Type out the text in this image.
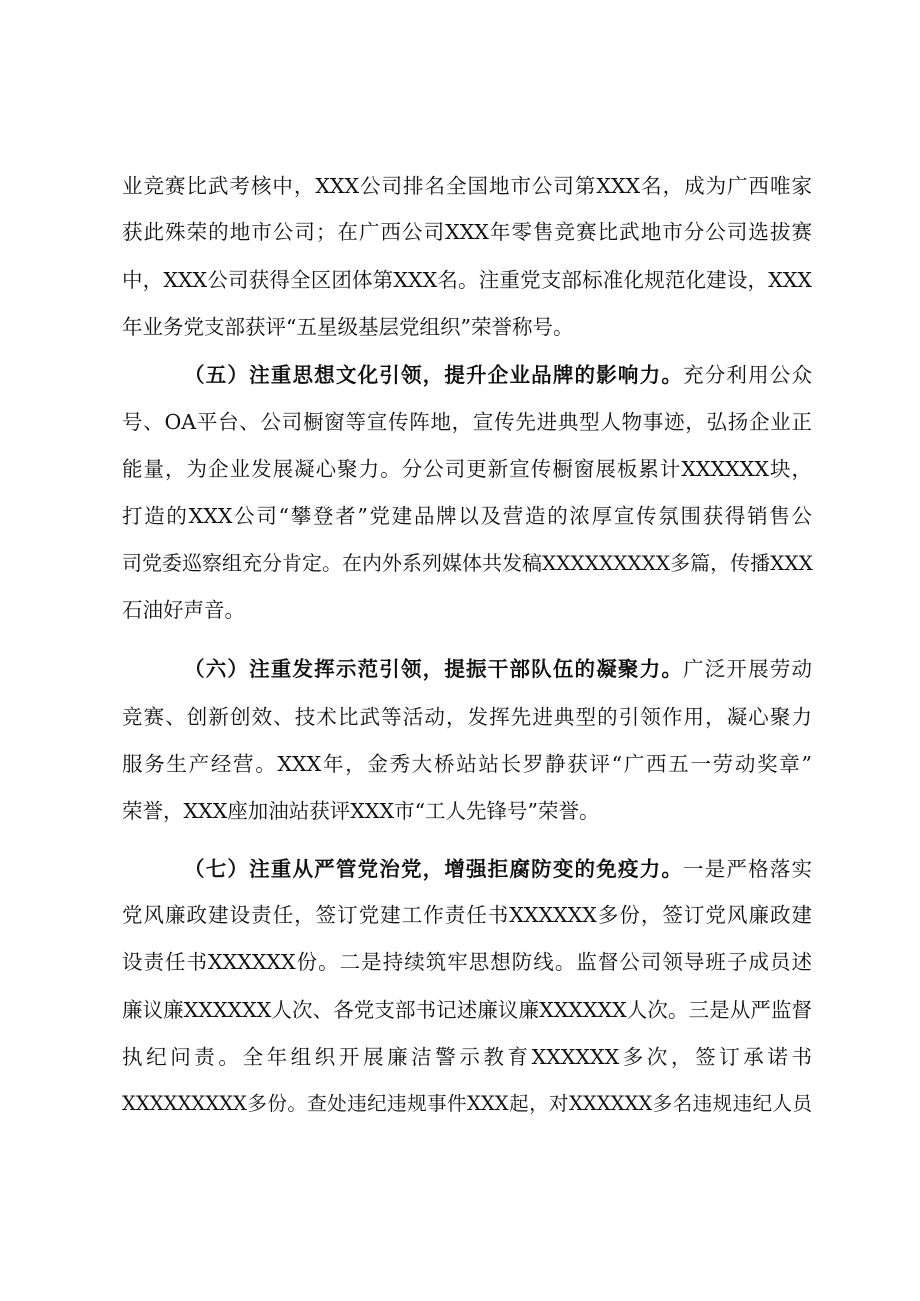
业竞赛比武考核中，XXX公司排名全国地市公司第XXX名，成为广西唯家
获此殊荣的地市公司；在广西公司XXX年零售竞赛比武地市分公司选拔赛
中，XXX公司获得全区团体第XXX名。注重党支部标准化规范化建设，XXX
年业务党支部获评“五星级基层党组织”荣誉称号。
（五）注重思想文化引领，提升企业品牌的影响力。充分利用公众
号、OA平台、公司橱窗等宣传阵地，宣传先进典型人物事迹，弘扬企业正
能量，为企业发展凝心聚力。分公司更新宣传橱窗展板累计XXXXXX块，
打造的XXX公司“攀登者”党建品牌以及营造的浓厚宣传氛围获得销售公
司党委巡察组充分肯定。在内外系列媒体共发稿XXXXXXXXX多篇，传播XXX
石油好声音。
（六）注重发挥示范引领，提振干部队伍的凝聚力。广泛开展劳动
竞赛、创新创效、技术比武等活动，发挥先进典型的引领作用，凝心聚力
服务生产经营。XXX年，金秀大桥站站长罗静获评“广西五一劳动奖章”
荣誉，XXX座加油站获评XXX市“工人先锋号”荣誉。
（七）注重从严管党治党，增强拒腐防变的免疫力。一是严格落实
党风廉政建设责任，签订党建工作责任书XXXXXX多份，签订党风廉政建
设责任书XXXXXX份。二是持续筑牢思想防线。监督公司领导班子成员述
廉议廉XXXXXX人次、各党支部书记述廉议廉XXXXXX人次。三是从严监督
执纪问责。全年组织开展廉洁警示教育XXXXXX多次，签订承诺书
XXXXXXXXX多份。查处违纪违规事件XXX起，对XXXXXX多名违规违纪人员
